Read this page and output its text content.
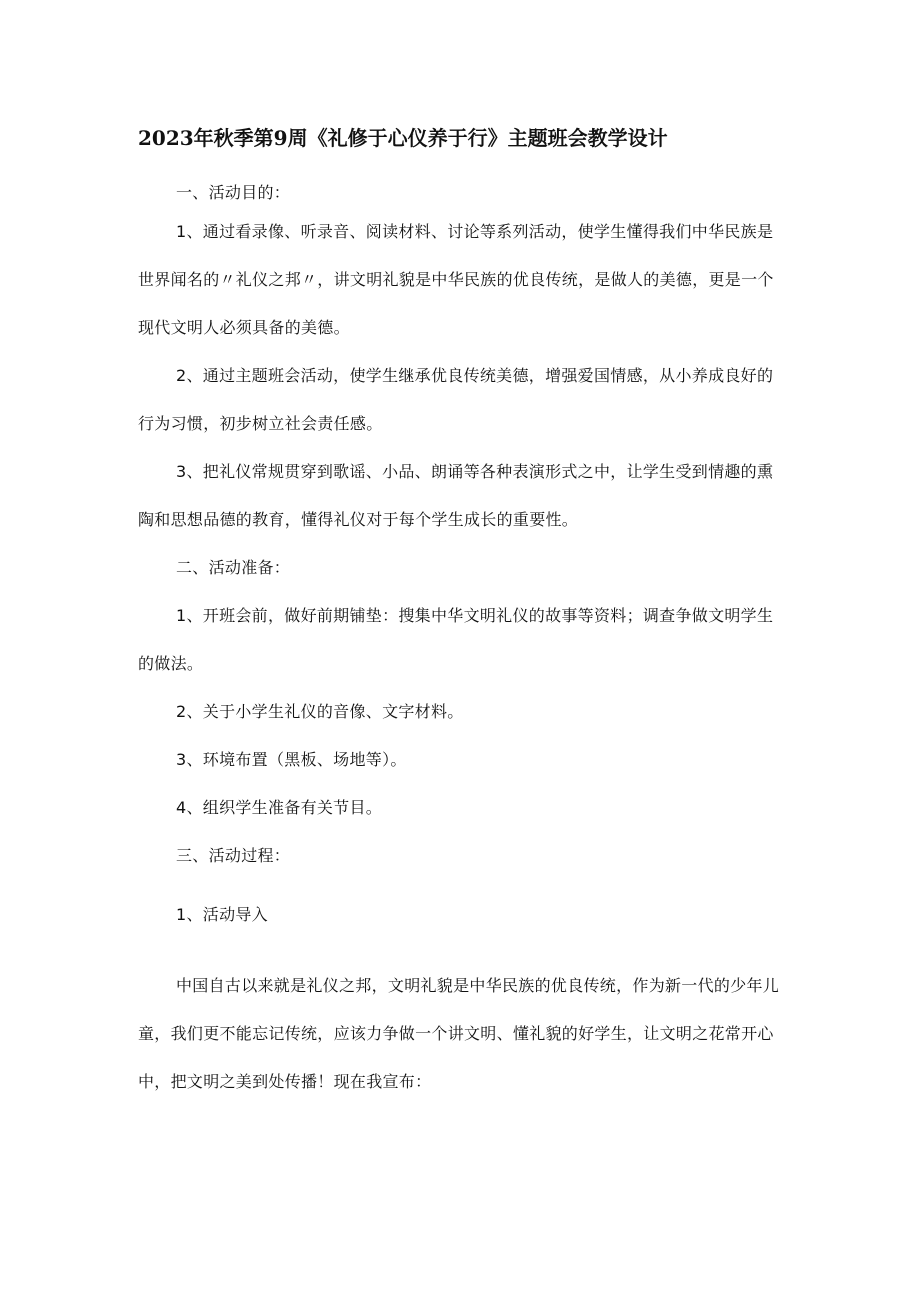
2023年秋季第9周《礼修于心仪养于行》主题班会教学设计

一、活动目的：

1、通过看录像、听录音、阅读材料、讨论等系列活动，使学生懂得我们中华民族是世界闻名的〃礼仪之邦〃，讲文明礼貌是中华民族的优良传统，是做人的美德，更是一个现代文明人必须具备的美德。

2、通过主题班会活动，使学生继承优良传统美德，增强爱国情感，从小养成良好的行为习惯，初步树立社会责任感。

3、把礼仪常规贯穿到歌谣、小品、朗诵等各种表演形式之中，让学生受到情趣的熏陶和思想品德的教育，懂得礼仪对于每个学生成长的重要性。

二、活动准备：

1、开班会前，做好前期铺垫：搜集中华文明礼仪的故事等资料；调查争做文明学生的做法。

2、关于小学生礼仪的音像、文字材料。

3、环境布置（黑板、场地等）。

4、组织学生准备有关节目。

三、活动过程：

1、活动导入

中国自古以来就是礼仪之邦，文明礼貌是中华民族的优良传统，作为新一代的少年儿童，我们更不能忘记传统，应该力争做一个讲文明、懂礼貌的好学生，让文明之花常开心中，把文明之美到处传播！现在我宣布：
